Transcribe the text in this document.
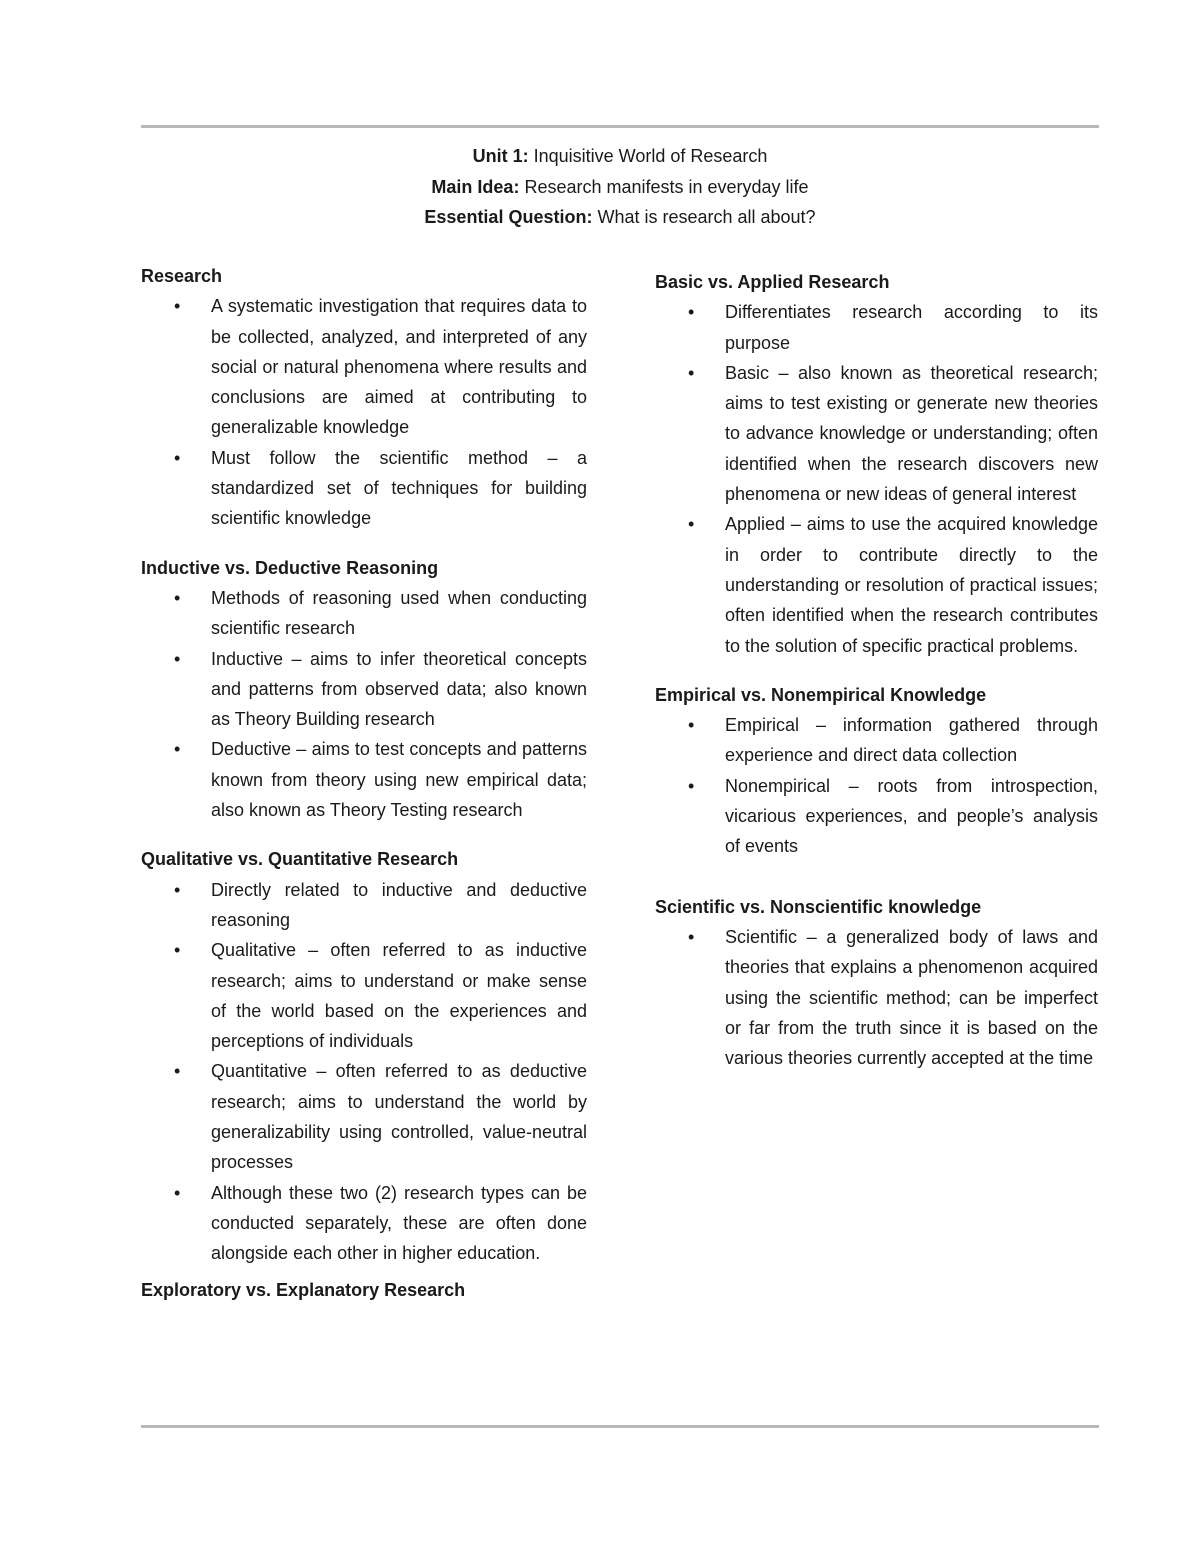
Unit 1: Inquisitive World of Research
Main Idea: Research manifests in everyday life
Essential Question: What is research all about?

Research

• A systematic investigation that requires data to be collected, analyzed, and interpreted of any social or natural phenomena where results and conclusions are aimed at contributing to generalizable knowledge
• Must follow the scientific method – a standardized set of techniques for building scientific knowledge

Inductive vs. Deductive Reasoning

• Methods of reasoning used when conducting scientific research
• Inductive – aims to infer theoretical concepts and patterns from observed data; also known as Theory Building research
• Deductive – aims to test concepts and patterns known from theory using new empirical data; also known as Theory Testing research

Qualitative vs. Quantitative Research

• Directly related to inductive and deductive reasoning
• Qualitative – often referred to as inductive research; aims to understand or make sense of the world based on the experiences and perceptions of individuals
• Quantitative – often referred to as deductive research; aims to understand the world by generalizability using controlled, value-neutral processes
• Although these two (2) research types can be conducted separately, these are often done alongside each other in higher education.

Exploratory vs. Explanatory Research

Basic vs. Applied Research

• Differentiates research according to its purpose
• Basic – also known as theoretical research; aims to test existing or generate new theories to advance knowledge or understanding; often identified when the research discovers new phenomena or new ideas of general interest
• Applied – aims to use the acquired knowledge in order to contribute directly to the understanding or resolution of practical issues; often identified when the research contributes to the solution of specific practical problems.

Empirical vs. Nonempirical Knowledge

• Empirical – information gathered through experience and direct data collection
• Nonempirical – roots from introspection, vicarious experiences, and people’s analysis of events

Scientific vs. Nonscientific knowledge

• Scientific – a generalized body of laws and theories that explains a phenomenon acquired using the scientific method; can be imperfect or far from the truth since it is based on the various theories currently accepted at the time
